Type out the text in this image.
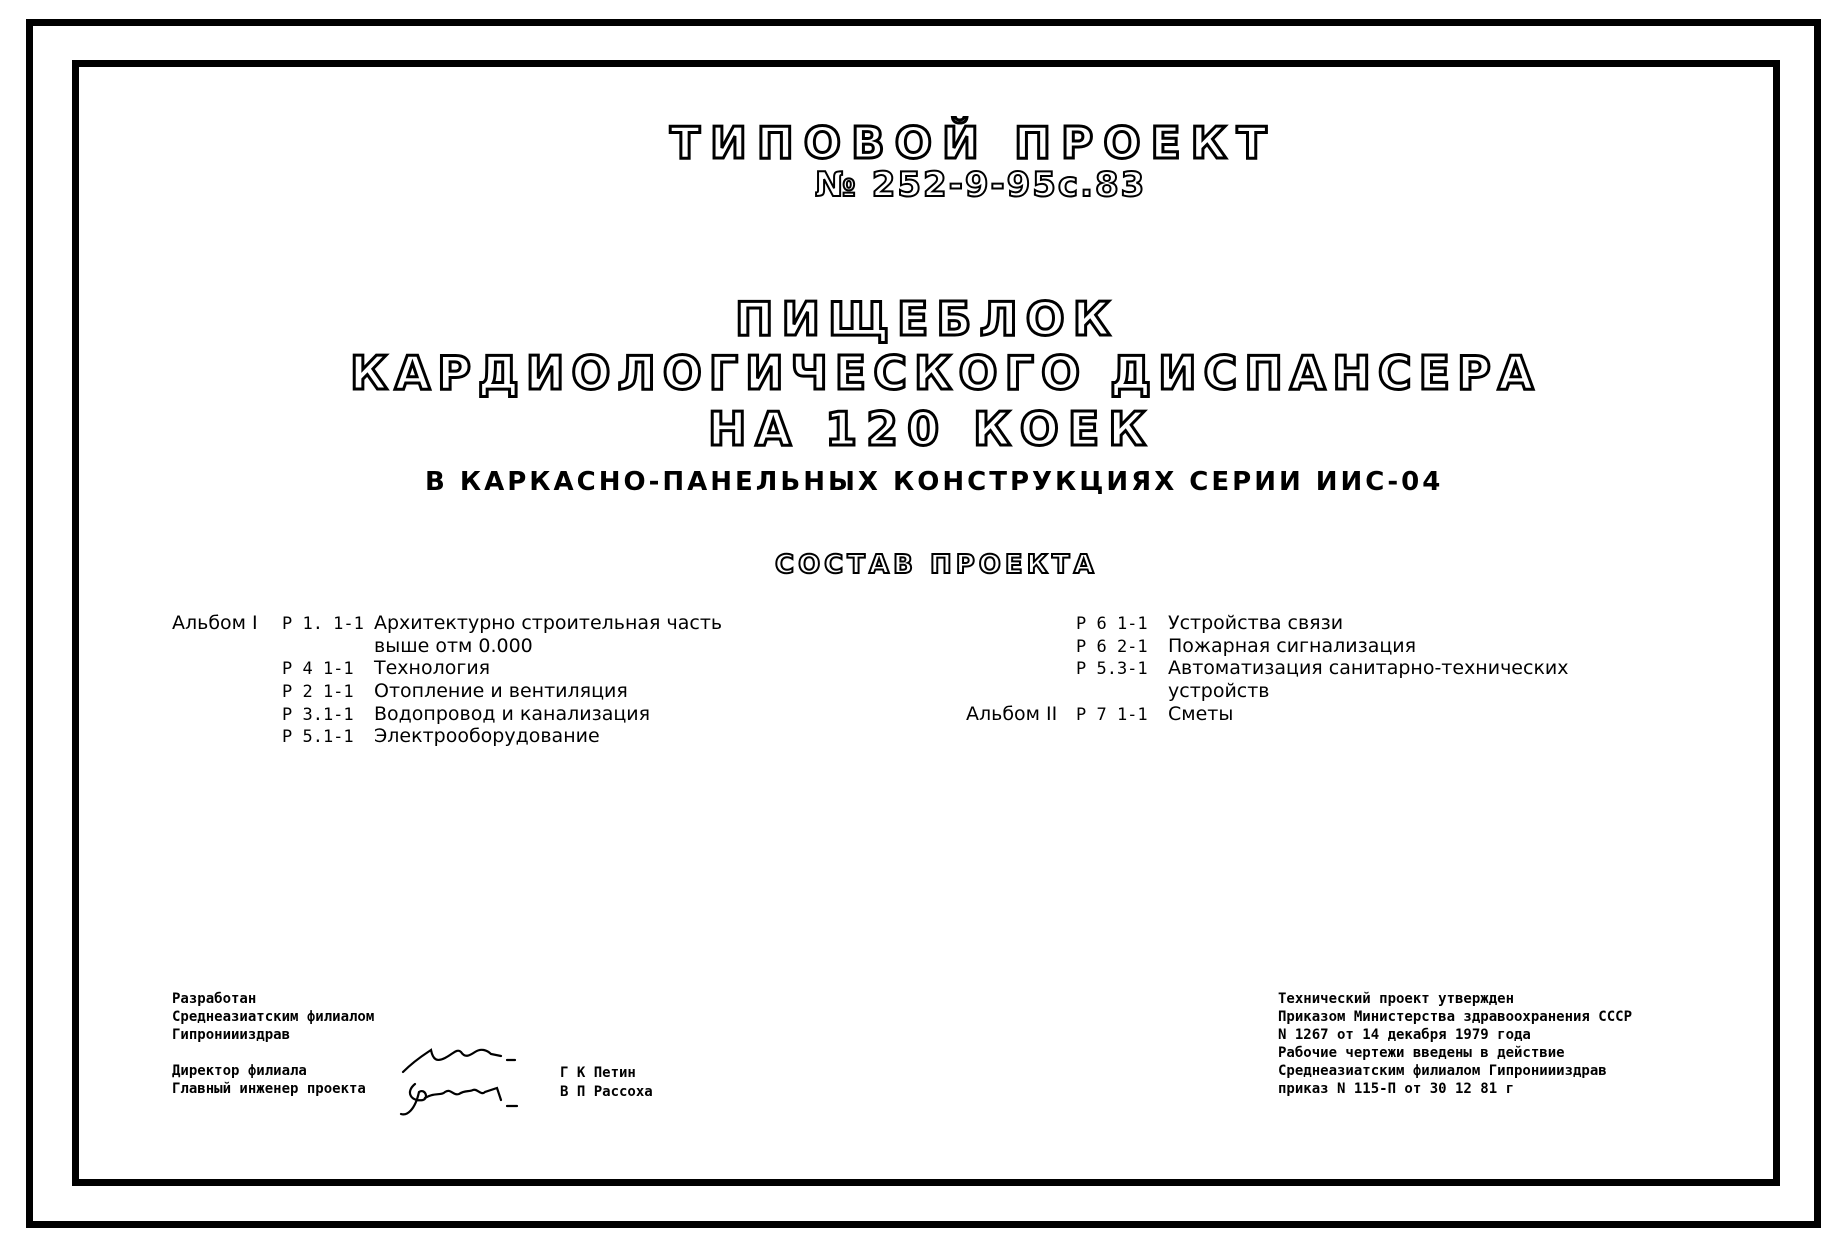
ТИПОВОЙ ПРОЕКТ
№ 252-9-95с.83
ПИЩЕБЛОК
КАРДИОЛОГИЧЕСКОГО ДИСПАНСЕРА
НА 120 КОЕК
В КАРКАСНО-ПАНЕЛЬНЫХ КОНСТРУКЦИЯХ СЕРИИ ИИС-04
СОСТАВ ПРОЕКТА
Альбом I Р 1. 1-1 Архитектурно строительная часть
выше отм 0.000
Р 4 1-1 Технология
Р 2 1-1 Отопление и вентиляция
Р 3.1-1 Водопровод и канализация
Р 5.1-1 Электрооборудование
Р 6 1-1 Устройства связи
Р 6 2-1 Пожарная сигнализация
Р 5.3-1 Автоматизация санитарно-технических
устройств
Альбом II Р 7 1-1 Сметы
Разработан
Среднеазиатским филиалом
Гипрониииздрав
Директор филиала
Главный инженер проекта
Г К Петин
В П Рассоха
Технический проект утвержден
Приказом Министерства здравоохранения СССР
N 1267 от 14 декабря 1979 года
Рабочие чертежи введены в действие
Среднеазиатским филиалом Гипрониииздрав
приказ N 115-П от 30 12 81 г
